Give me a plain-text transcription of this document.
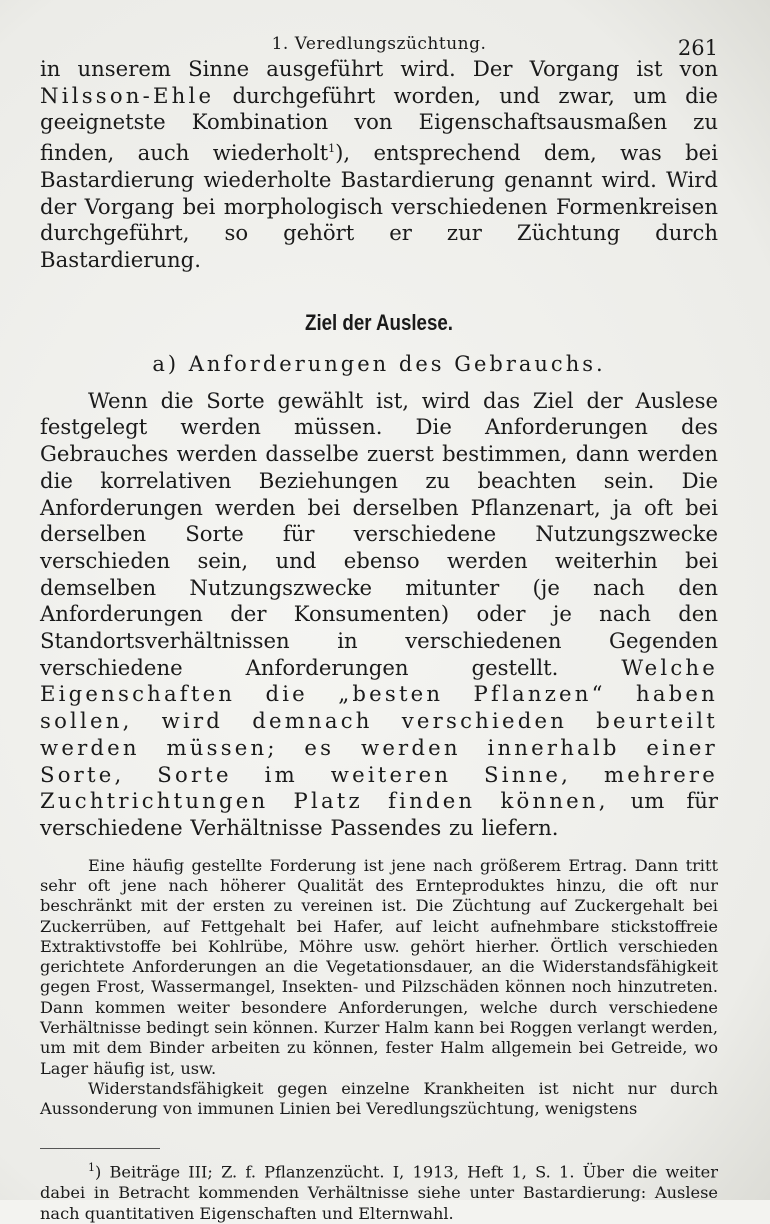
1. Veredlungszüchtung.	261

in unserem Sinne ausgeführt wird. Der Vorgang ist von Nilsson-Ehle durchgeführt worden, und zwar, um die geeignetste Kombination von Eigenschaftsausmaßen zu finden, auch wiederholt$^1$), entsprechend dem, was bei Bastardierung wiederholte Bastardierung genannt wird. Wird der Vorgang bei morphologisch verschiedenen Formenkreisen durchgeführt, so gehört er zur Züchtung durch Bastardierung.

Ziel der Auslese.
a) Anforderungen des Gebrauchs.

Wenn die Sorte gewählt ist, wird das Ziel der Auslese festgelegt werden müssen. Die Anforderungen des Gebrauches werden dasselbe zuerst bestimmen, dann werden die korrelativen Beziehungen zu beachten sein. Die Anforderungen werden bei derselben Pflanzenart, ja oft bei derselben Sorte für verschiedene Nutzungszwecke verschieden sein, und ebenso werden weiterhin bei demselben Nutzungszwecke mitunter (je nach den Anforderungen der Konsumenten) oder je nach den Standortsverhältnissen in verschiedenen Gegenden verschiedene Anforderungen gestellt. Welche Eigenschaften die „besten Pflanzen“ haben sollen, wird demnach verschieden beurteilt werden müssen; es werden innerhalb einer Sorte, Sorte im weiteren Sinne, mehrere Zuchtrichtungen Platz finden können, um für verschiedene Verhältnisse Passendes zu liefern.

Eine häufig gestellte Forderung ist jene nach größerem Ertrag. Dann tritt sehr oft jene nach höherer Qualität des Ernteproduktes hinzu, die oft nur beschränkt mit der ersten zu vereinen ist. Die Züchtung auf Zuckergehalt bei Zuckerrüben, auf Fettgehalt bei Hafer, auf leicht aufnehmbare stickstoffreie Extraktivstoffe bei Kohlrübe, Möhre usw. gehört hierher. Örtlich verschieden gerichtete Anforderungen an die Vegetationsdauer, an die Widerstandsfähigkeit gegen Frost, Wassermangel, Insekten- und Pilzschäden können noch hinzutreten. Dann kommen weiter besondere Anforderungen, welche durch verschiedene Verhältnisse bedingt sein können. Kurzer Halm kann bei Roggen verlangt werden, um mit dem Binder arbeiten zu können, fester Halm allgemein bei Getreide, wo Lager häufig ist, usw.

Widerstandsfähigkeit gegen einzelne Krankheiten ist nicht nur durch Aussonderung von immunen Linien bei Veredlungszüchtung, wenigstens

$^1$) Beiträge III; Z. f. Pflanzenzücht. I, 1913, Heft 1, S. 1. Über die weiter dabei in Betracht kommenden Verhältnisse siehe unter Bastardierung: Auslese nach quantitativen Eigenschaften und Elternwahl.
